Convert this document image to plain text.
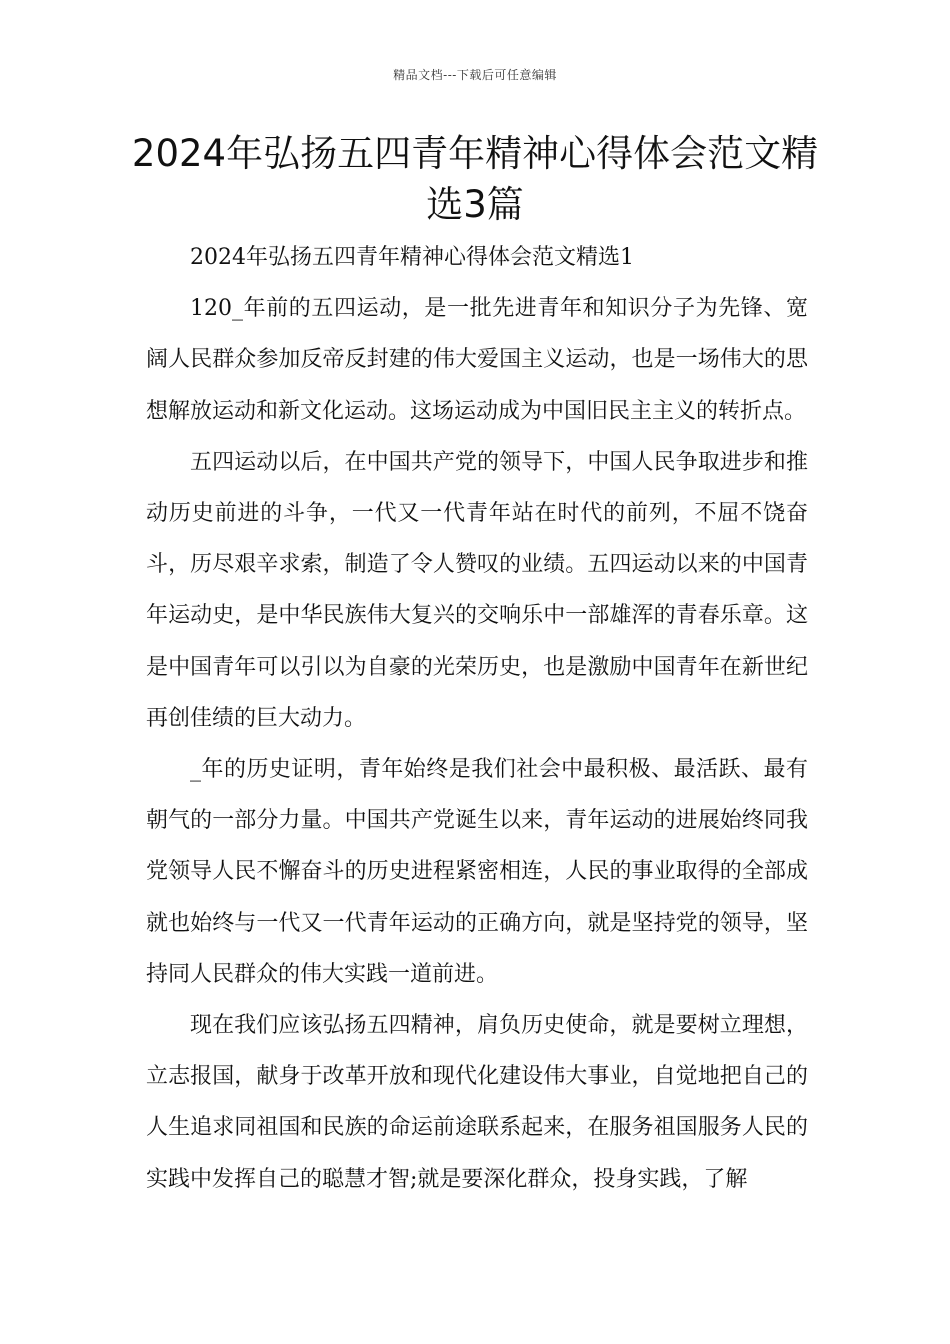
精品文档---下载后可任意编辑
2024年弘扬五四青年精神心得体会范文精选3篇

2024年弘扬五四青年精神心得体会范文精选1

120_年前的五四运动，是一批先进青年和知识分子为先锋、宽阔人民群众参加反帝反封建的伟大爱国主义运动，也是一场伟大的思想解放运动和新文化运动。这场运动成为中国旧民主主义的转折点。

五四运动以后，在中国共产党的领导下，中国人民争取进步和推动历史前进的斗争，一代又一代青年站在时代的前列，不屈不饶奋斗，历尽艰辛求索，制造了令人赞叹的业绩。五四运动以来的中国青年运动史，是中华民族伟大复兴的交响乐中一部雄浑的青春乐章。这是中国青年可以引以为自豪的光荣历史，也是激励中国青年在新世纪再创佳绩的巨大动力。

_年的历史证明，青年始终是我们社会中最积极、最活跃、最有朝气的一部分力量。中国共产党诞生以来，青年运动的进展始终同我党领导人民不懈奋斗的历史进程紧密相连，人民的事业取得的全部成就也始终与一代又一代青年运动的正确方向，就是坚持党的领导，坚持同人民群众的伟大实践一道前进。

现在我们应该弘扬五四精神，肩负历史使命，就是要树立理想，立志报国，献身于改革开放和现代化建设伟大事业，自觉地把自己的人生追求同祖国和民族的命运前途联系起来，在服务祖国服务人民的实践中发挥自己的聪慧才智;就是要深化群众，投身实践，了解
